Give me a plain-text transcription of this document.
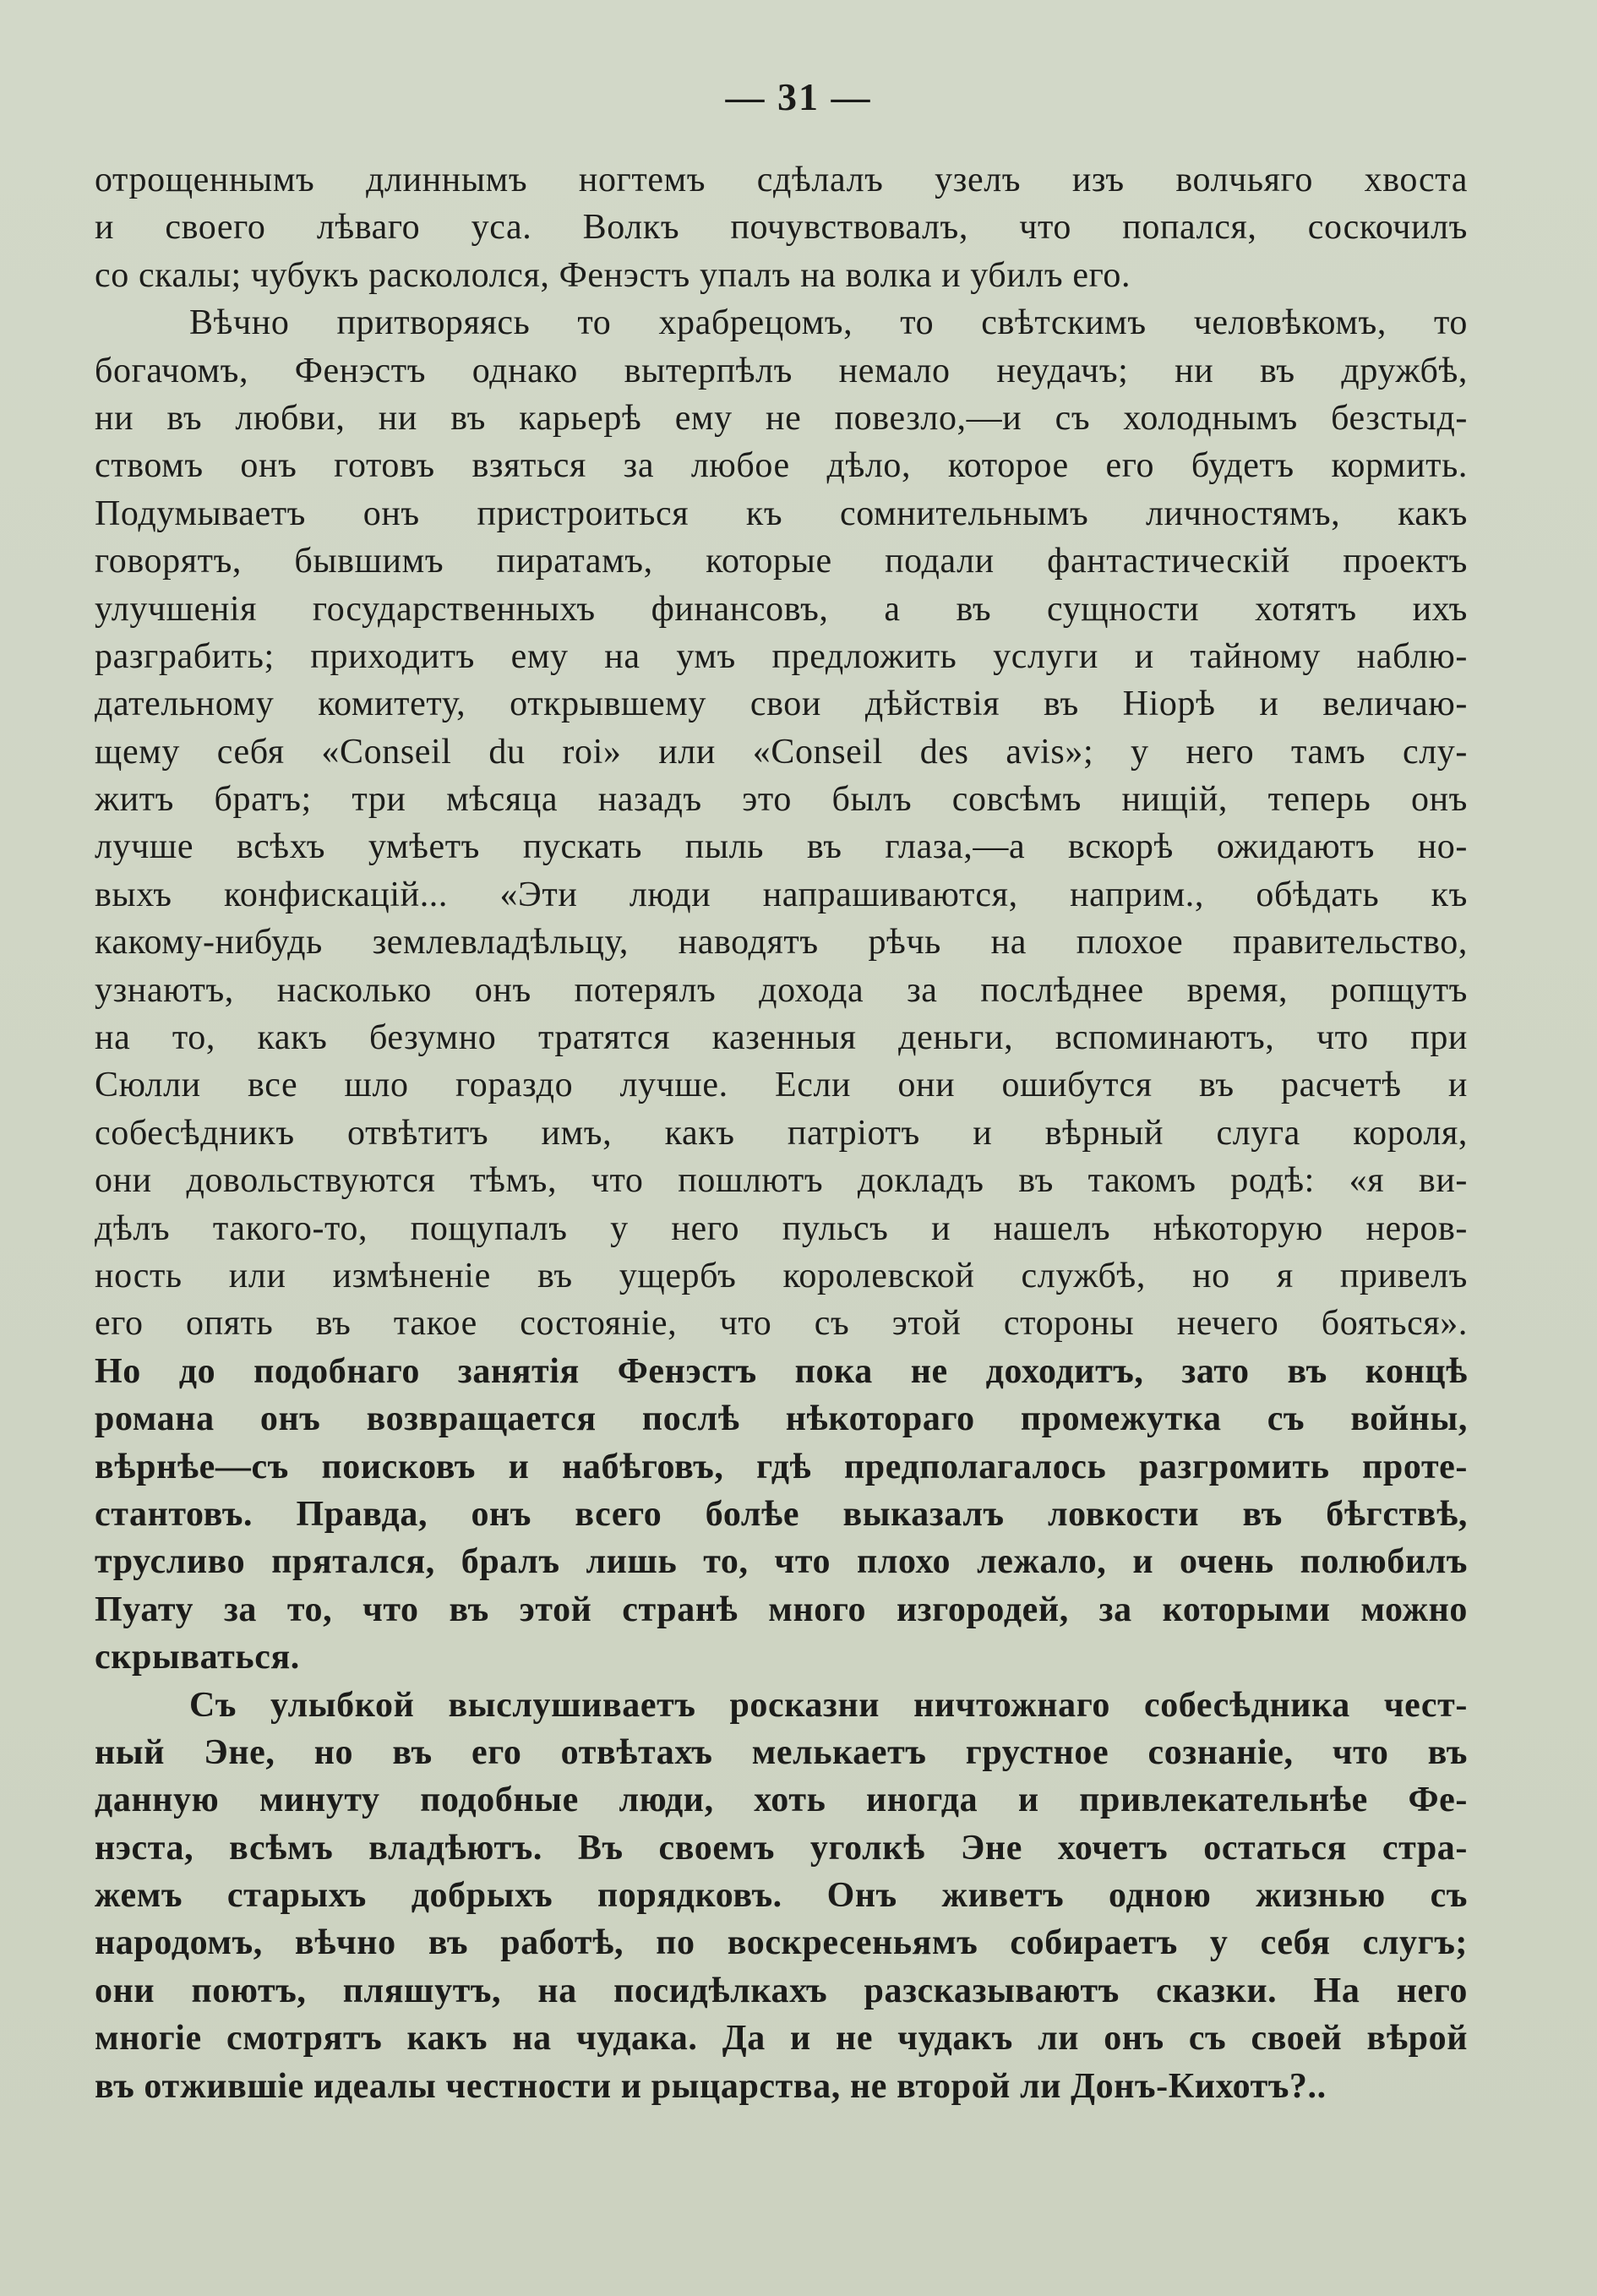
— 31 —
отрощеннымъ длиннымъ ногтемъ сдѣлалъ узелъ изъ волчьяго хвоста
и своего лѣваго уса. Волкъ почувствовалъ, что попался, соскочилъ
со скалы; чубукъ раскололся, Фенэстъ упалъ на волка и убилъ его.
Вѣчно притворяясь то храбрецомъ, то свѣтскимъ человѣкомъ, то
богачомъ, Фенэстъ однако вытерпѣлъ немало неудачъ; ни въ дружбѣ,
ни въ любви, ни въ карьерѣ ему не повезло,—и съ холоднымъ безстыд-
ствомъ онъ готовъ взяться за любое дѣло, которое его будетъ кормить.
Подумываетъ онъ пристроиться къ сомнительнымъ личностямъ, какъ
говорятъ, бывшимъ пиратамъ, которые подали фантастическій проектъ
улучшенія государственныхъ финансовъ, а въ сущности хотятъ ихъ
разграбить; приходитъ ему на умъ предложить услуги и тайному наблю-
дательному комитету, открывшему свои дѣйствія въ Ніорѣ и величаю-
щему себя «Conseil du roi» или «Conseil des avis»; у него тамъ слу-
житъ братъ; три мѣсяца назадъ это былъ совсѣмъ нищій, теперь онъ
лучше всѣхъ умѣетъ пускать пыль въ глаза,—а вскорѣ ожидаютъ но-
выхъ конфискацій... «Эти люди напрашиваются, наприм., обѣдать къ
какому-нибудь землевладѣльцу, наводятъ рѣчь на плохое правительство,
узнаютъ, насколько онъ потерялъ дохода за послѣднее время, ропщутъ
на то, какъ безумно тратятся казенныя деньги, вспоминаютъ, что при
Сюлли все шло гораздо лучше. Если они ошибутся въ расчетѣ и
собесѣдникъ отвѣтитъ имъ, какъ патріотъ и вѣрный слуга короля,
они довольствуются тѣмъ, что пошлютъ докладъ въ такомъ родѣ: «я ви-
дѣлъ такого-то, пощупалъ у него пульсъ и нашелъ нѣкоторую неров-
ность или измѣненіе въ ущербъ королевской службѣ, но я привелъ
его опять въ такое состояніе, что съ этой стороны нечего бояться».
Но до подобнаго занятія Фенэстъ пока не доходитъ, зато въ концѣ
романа онъ возвращается послѣ нѣкотораго промежутка съ войны,
вѣрнѣе—съ поисковъ и набѣговъ, гдѣ предполагалось разгромить проте-
стантовъ. Правда, онъ всего болѣе выказалъ ловкости въ бѣгствѣ,
трусливо прятался, бралъ лишь то, что плохо лежало, и очень полюбилъ
Пуату за то, что въ этой странѣ много изгородей, за которыми можно
скрываться.
Съ улыбкой выслушиваетъ росказни ничтожнаго собесѣдника чест-
ный Эне, но въ его отвѣтахъ мелькаетъ грустное сознаніе, что въ
данную минуту подобные люди, хоть иногда и привлекательнѣе Фе-
нэста, всѣмъ владѣютъ. Въ своемъ уголкѣ Эне хочетъ остаться стра-
жемъ старыхъ добрыхъ порядковъ. Онъ живетъ одною жизнью съ
народомъ, вѣчно въ работѣ, по воскресеньямъ собираетъ у себя слугъ;
они поютъ, пляшутъ, на посидѣлкахъ разсказываютъ сказки. На него
многіе смотрятъ какъ на чудака. Да и не чудакъ ли онъ съ своей вѣрой
въ отжившіе идеалы честности и рыцарства, не второй ли Донъ-Кихотъ?..
